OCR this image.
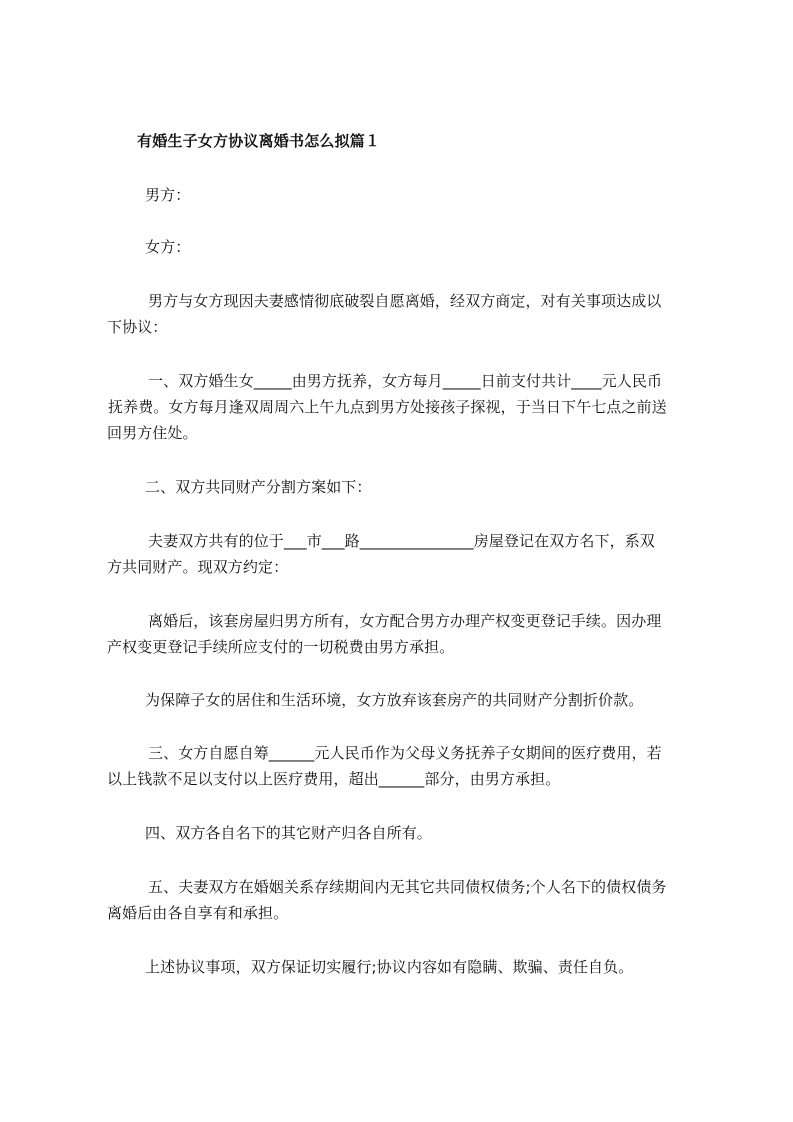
有婚生子女方协议离婚书怎么拟篇１
男方：
女方：
男方与女方现因夫妻感情彻底破裂自愿离婚，经双方商定，对有关事项达成以
下协议：
一、双方婚生女_____由男方抚养，女方每月_____日前支付共计____元人民币
抚养费。女方每月逢双周周六上午九点到男方处接孩子探视，于当日下午七点之前送
回男方住处。
二、双方共同财产分割方案如下：
夫妻双方共有的位于___市___路_______________房屋登记在双方名下，系双
方共同财产。现双方约定：
离婚后，该套房屋归男方所有，女方配合男方办理产权变更登记手续。因办理
产权变更登记手续所应支付的一切税费由男方承担。
为保障子女的居住和生活环境，女方放弃该套房产的共同财产分割折价款。
三、女方自愿自筹______元人民币作为父母义务抚养子女期间的医疗费用，若
以上钱款不足以支付以上医疗费用，超出______部分，由男方承担。
四、双方各自名下的其它财产归各自所有。
五、夫妻双方在婚姻关系存续期间内无其它共同债权债务;个人名下的债权债务
离婚后由各自享有和承担。
上述协议事项，双方保证切实履行;协议内容如有隐瞒、欺骗、责任自负。
